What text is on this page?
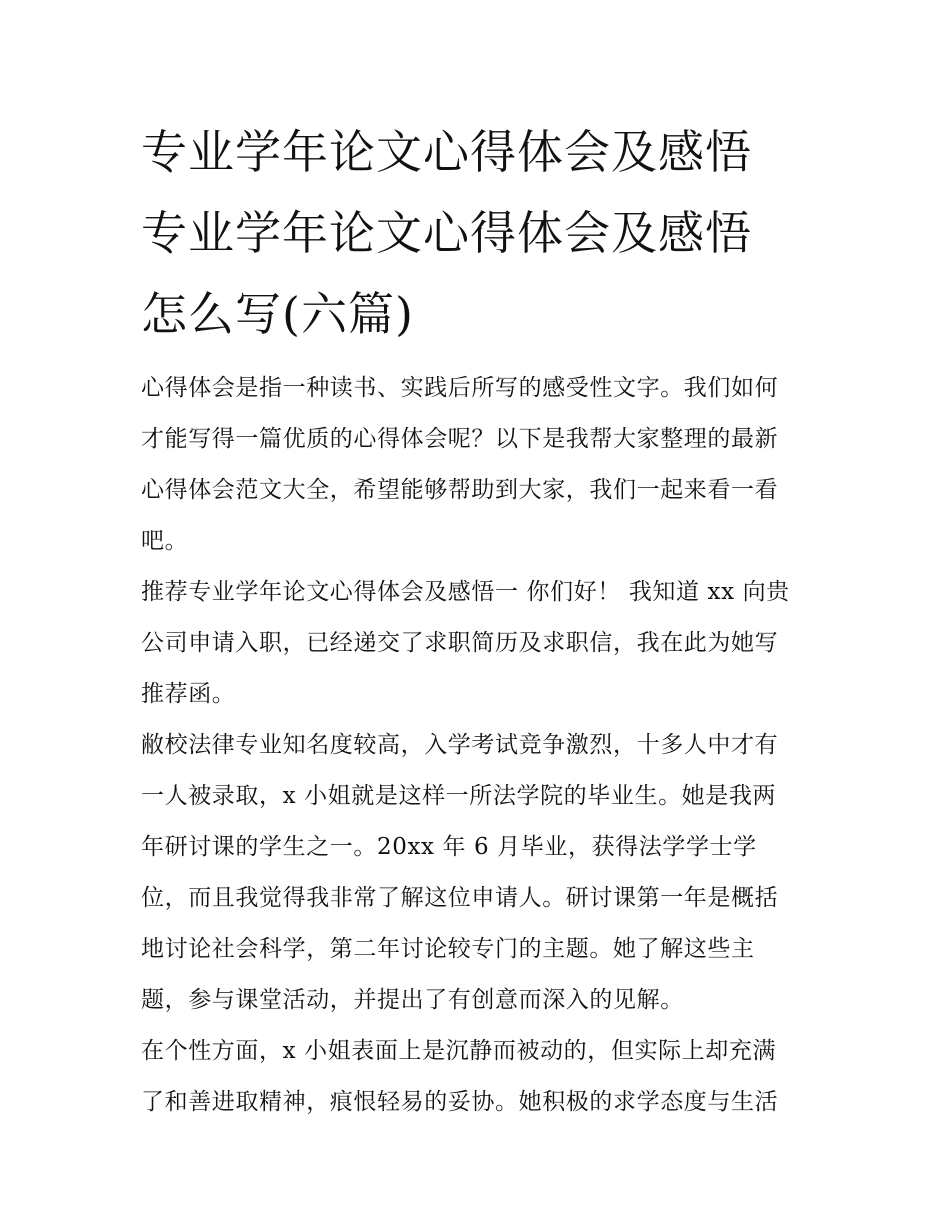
专业学年论文心得体会及感悟
专业学年论文心得体会及感悟
怎么写(六篇)
心得体会是指一种读书、实践后所写的感受性文字。我们如何
才能写得一篇优质的心得体会呢？以下是我帮大家整理的最新
心得体会范文大全，希望能够帮助到大家，我们一起来看一看
吧。
推荐专业学年论文心得体会及感悟一 你们好！ 我知道 xx 向贵
公司申请入职，已经递交了求职简历及求职信，我在此为她写
推荐函。
敝校法律专业知名度较高，入学考试竞争激烈，十多人中才有
一人被录取，x 小姐就是这样一所法学院的毕业生。她是我两
年研讨课的学生之一。20xx 年 6 月毕业，获得法学学士学
位，而且我觉得我非常了解这位申请人。研讨课第一年是概括
地讨论社会科学，第二年讨论较专门的主题。她了解这些主
题，参与课堂活动，并提出了有创意而深入的见解。
在个性方面，x 小姐表面上是沉静而被动的，但实际上却充满
了和善进取精神，痕恨轻易的妥协。她积极的求学态度与生活
